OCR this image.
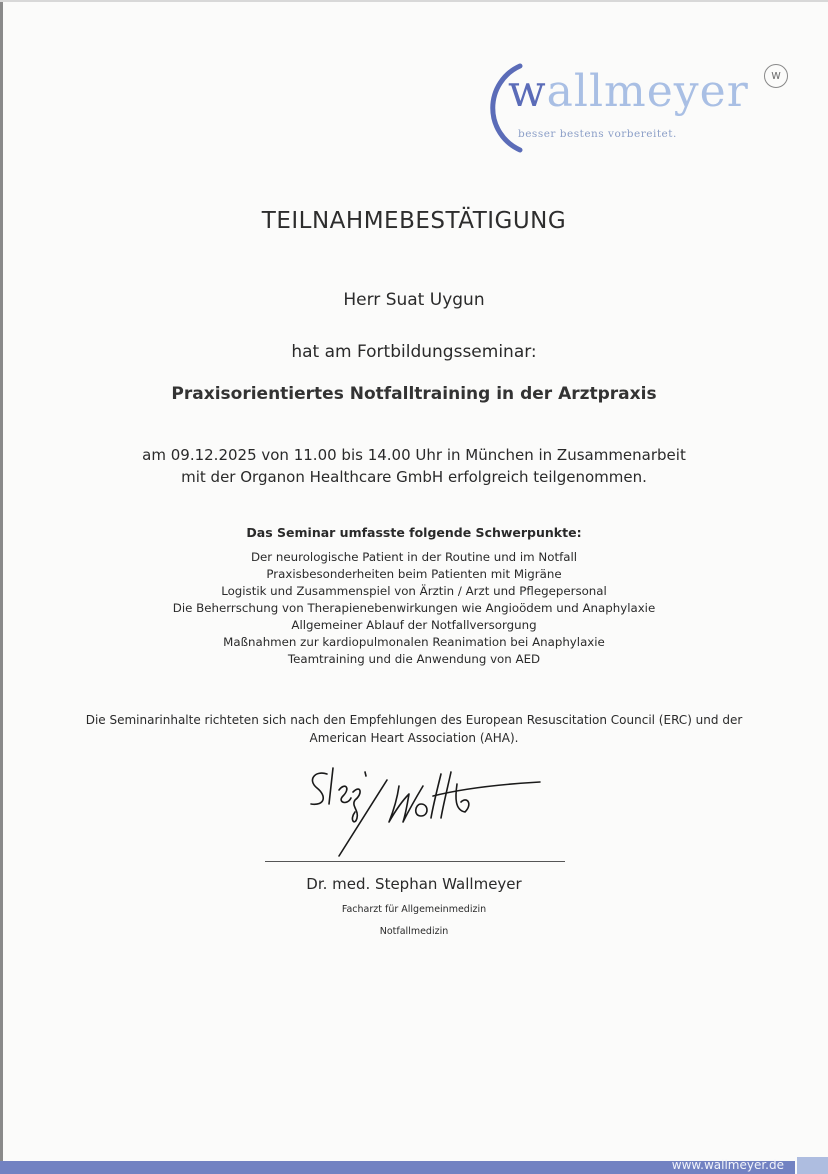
wallmeyer
besser bestens vorbereitet.
w
TEILNAHMEBESTÄTIGUNG
Herr Suat Uygun
hat am Fortbildungsseminar:
Praxisorientiertes Notfalltraining in der Arztpraxis
am 09.12.2025 von 11.00 bis 14.00 Uhr in München in Zusammenarbeit
mit der Organon Healthcare GmbH erfolgreich teilgenommen.
Das Seminar umfasste folgende Schwerpunkte:
Der neurologische Patient in der Routine und im Notfall
Praxisbesonderheiten beim Patienten mit Migräne
Logistik und Zusammenspiel von Ärztin / Arzt und Pflegepersonal
Die Beherrschung von Therapienebenwirkungen wie Angioödem und Anaphylaxie
Allgemeiner Ablauf der Notfallversorgung
Maßnahmen zur kardiopulmonalen Reanimation bei Anaphylaxie
Teamtraining und die Anwendung von AED
Die Seminarinhalte richteten sich nach den Empfehlungen des European Resuscitation Council (ERC) und der
American Heart Association (AHA).
Dr. med. Stephan Wallmeyer
Facharzt für Allgemeinmedizin
Notfallmedizin
www.wallmeyer.de
